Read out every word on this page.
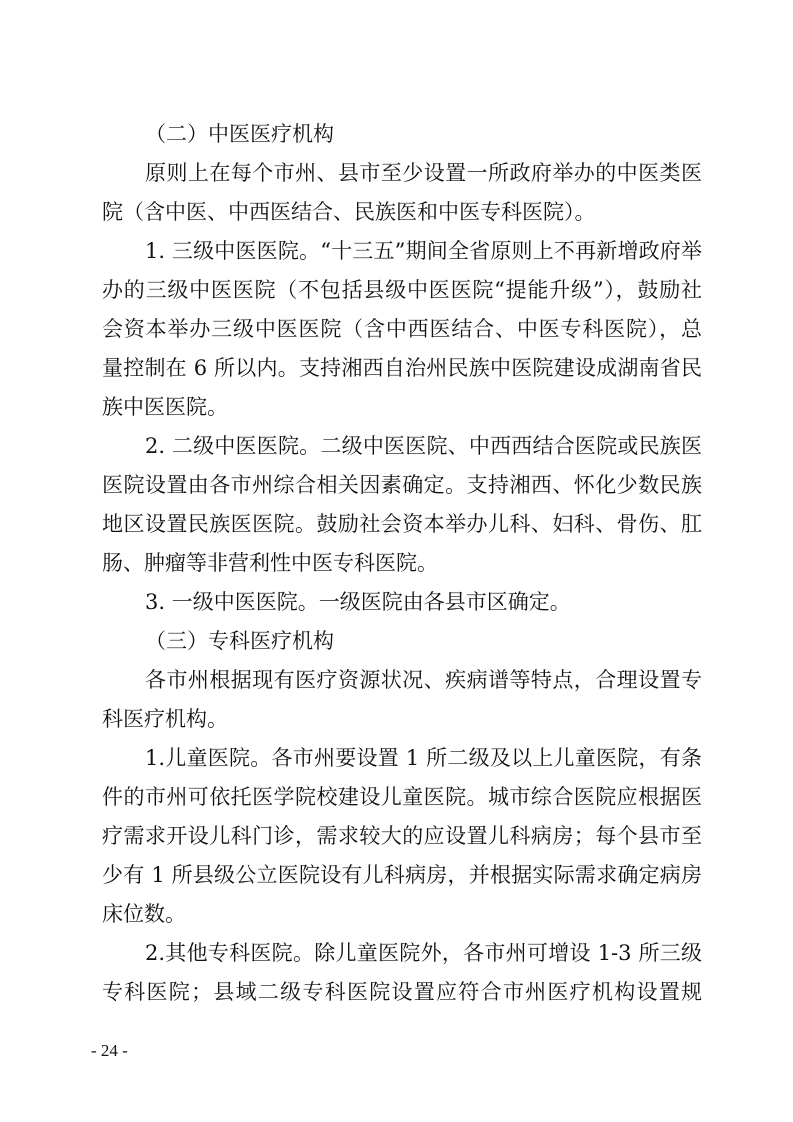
（二）中医医疗机构
原则上在每个市州、县市至少设置一所政府举办的中医类医
院（含中医、中西医结合、民族医和中医专科医院）。
1. 三级中医医院。“十三五”期间全省原则上不再新增政府举
办的三级中医医院（不包括县级中医医院“提能升级”），鼓励社
会资本举办三级中医医院（含中西医结合、中医专科医院），总
量控制在 6 所以内。支持湘西自治州民族中医院建设成湖南省民
族中医医院。
2. 二级中医医院。二级中医医院、中西西结合医院或民族医
医院设置由各市州综合相关因素确定。支持湘西、怀化少数民族
地区设置民族医医院。鼓励社会资本举办儿科、妇科、骨伤、肛
肠、肿瘤等非营利性中医专科医院。
3. 一级中医医院。一级医院由各县市区确定。
（三）专科医疗机构
各市州根据现有医疗资源状况、疾病谱等特点，合理设置专
科医疗机构。
1.儿童医院。各市州要设置 1 所二级及以上儿童医院，有条
件的市州可依托医学院校建设儿童医院。城市综合医院应根据医
疗需求开设儿科门诊，需求较大的应设置儿科病房；每个县市至
少有 1 所县级公立医院设有儿科病房，并根据实际需求确定病房
床位数。
2.其他专科医院。除儿童医院外，各市州可增设 1-3 所三级
专科医院；县域二级专科医院设置应符合市州医疗机构设置规
- 24 -
